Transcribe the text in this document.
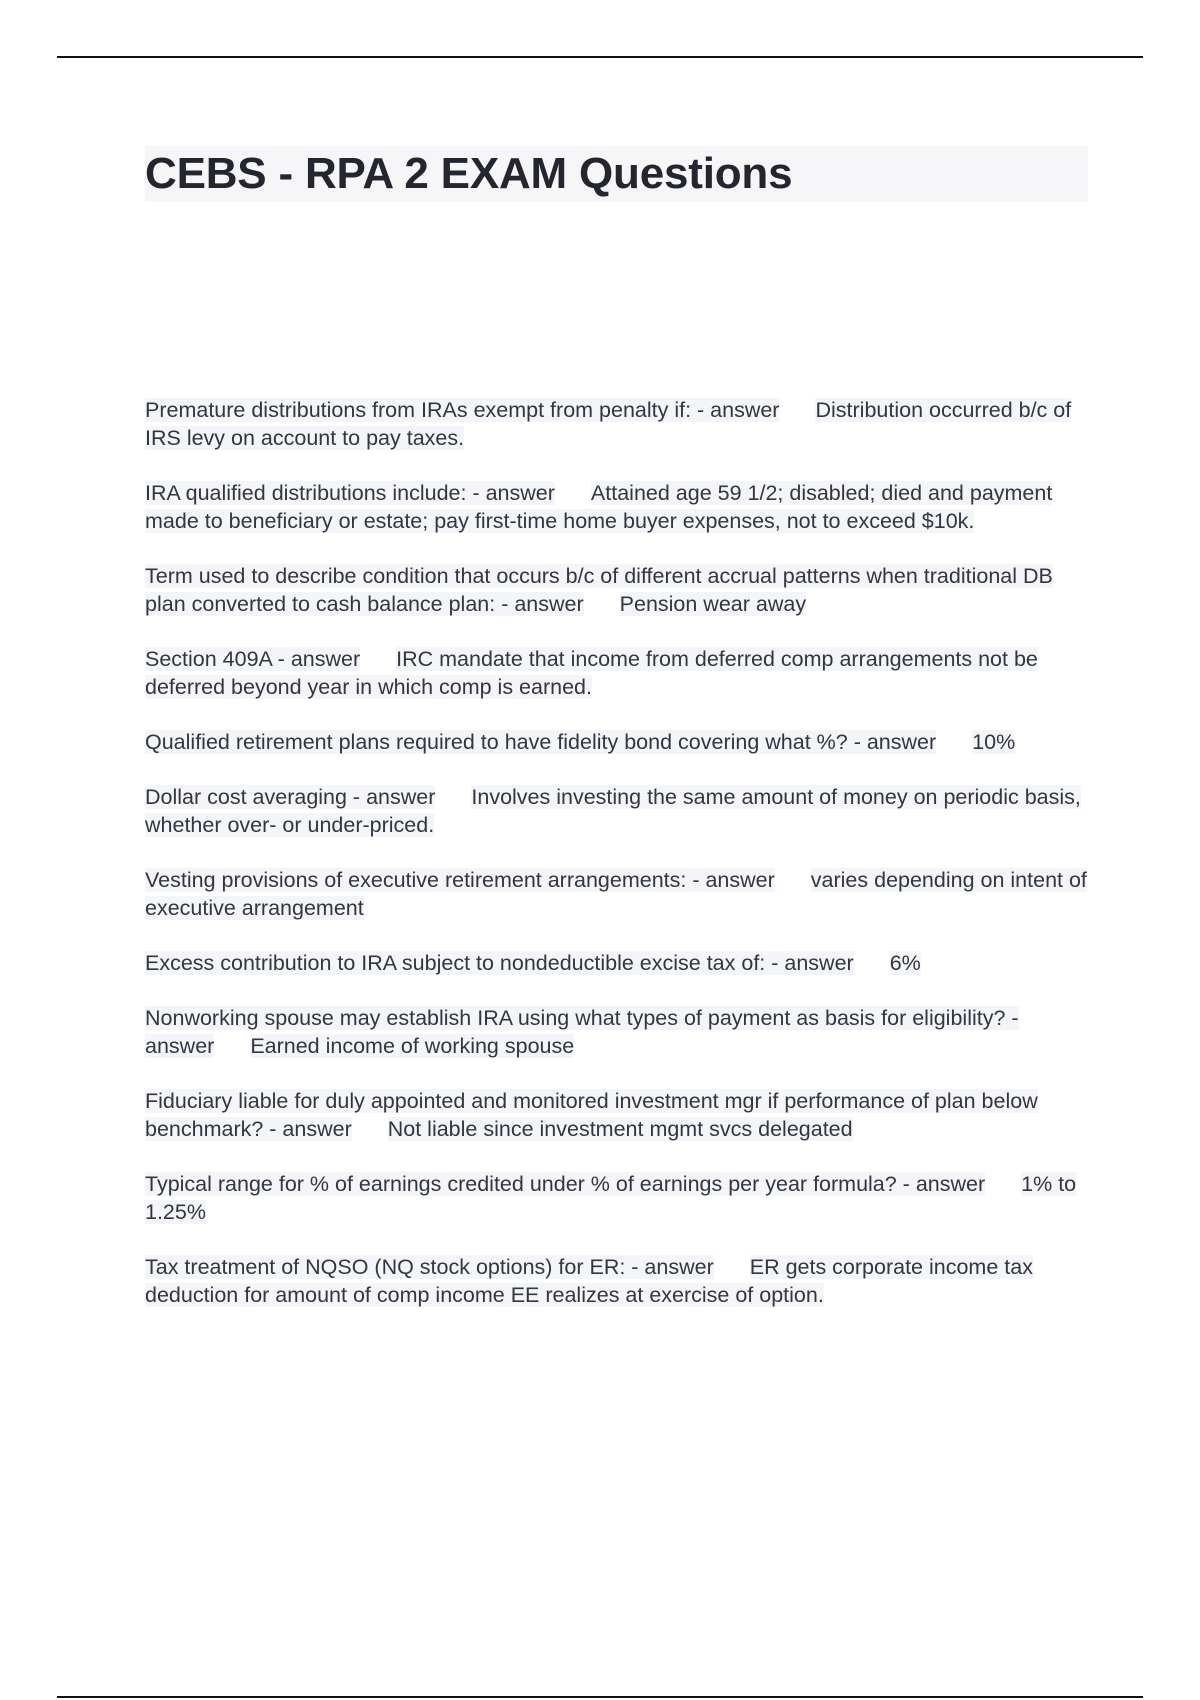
CEBS - RPA 2 EXAM Questions
Premature distributions from IRAs exempt from penalty if: - answer Distribution occurred b/c of IRS levy on account to pay taxes.
IRA qualified distributions include: - answer Attained age 59 1/2; disabled; died and payment made to beneficiary or estate; pay first-time home buyer expenses, not to exceed $10k.
Term used to describe condition that occurs b/c of different accrual patterns when traditional DB plan converted to cash balance plan: - answer Pension wear away
Section 409A - answer IRC mandate that income from deferred comp arrangements not be deferred beyond year in which comp is earned.
Qualified retirement plans required to have fidelity bond covering what %? - answer 10%
Dollar cost averaging - answer Involves investing the same amount of money on periodic basis, whether over- or under-priced.
Vesting provisions of executive retirement arrangements: - answer varies depending on intent of executive arrangement
Excess contribution to IRA subject to nondeductible excise tax of: - answer 6%
Nonworking spouse may establish IRA using what types of payment as basis for eligibility? - answer Earned income of working spouse
Fiduciary liable for duly appointed and monitored investment mgr if performance of plan below benchmark? - answer Not liable since investment mgmt svcs delegated
Typical range for % of earnings credited under % of earnings per year formula? - answer 1% to 1.25%
Tax treatment of NQSO (NQ stock options) for ER: - answer ER gets corporate income tax deduction for amount of comp income EE realizes at exercise of option.
